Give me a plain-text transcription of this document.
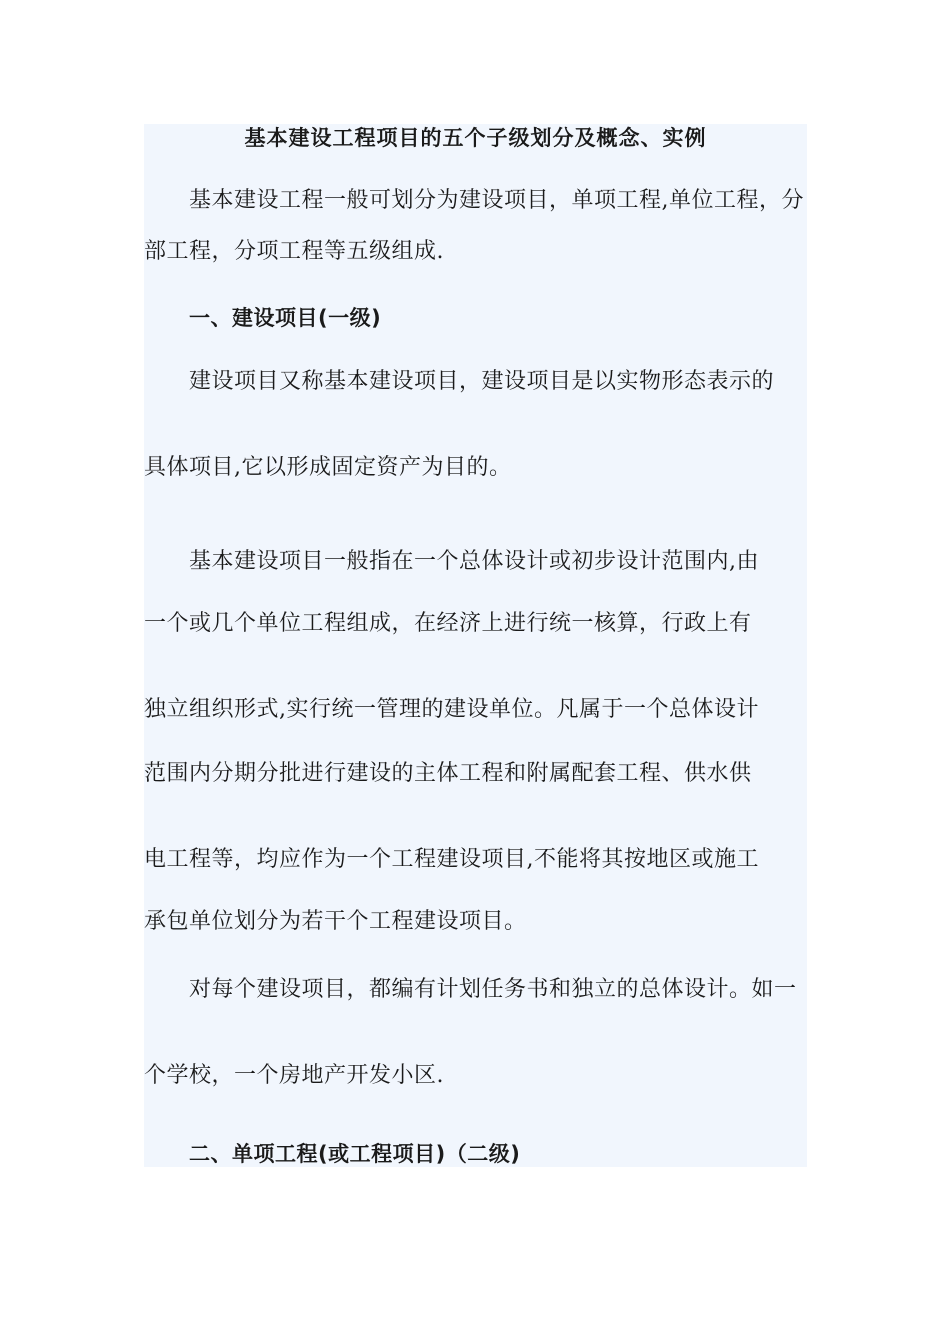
基本建设工程项目的五个子级划分及概念、实例

基本建设工程一般可划分为建设项目，单项工程,单位工程，分

部工程，分项工程等五级组成.

一、建设项目(一级)

建设项目又称基本建设项目，建设项目是以实物形态表示的

具体项目,它以形成固定资产为目的。

基本建设项目一般指在一个总体设计或初步设计范围内,由

一个或几个单位工程组成，在经济上进行统一核算，行政上有

独立组织形式,实行统一管理的建设单位。凡属于一个总体设计

范围内分期分批进行建设的主体工程和附属配套工程、供水供

电工程等，均应作为一个工程建设项目,不能将其按地区或施工

承包单位划分为若干个工程建设项目。

对每个建设项目，都编有计划任务书和独立的总体设计。如一

个学校，一个房地产开发小区.

二、单项工程(或工程项目)（二级)
